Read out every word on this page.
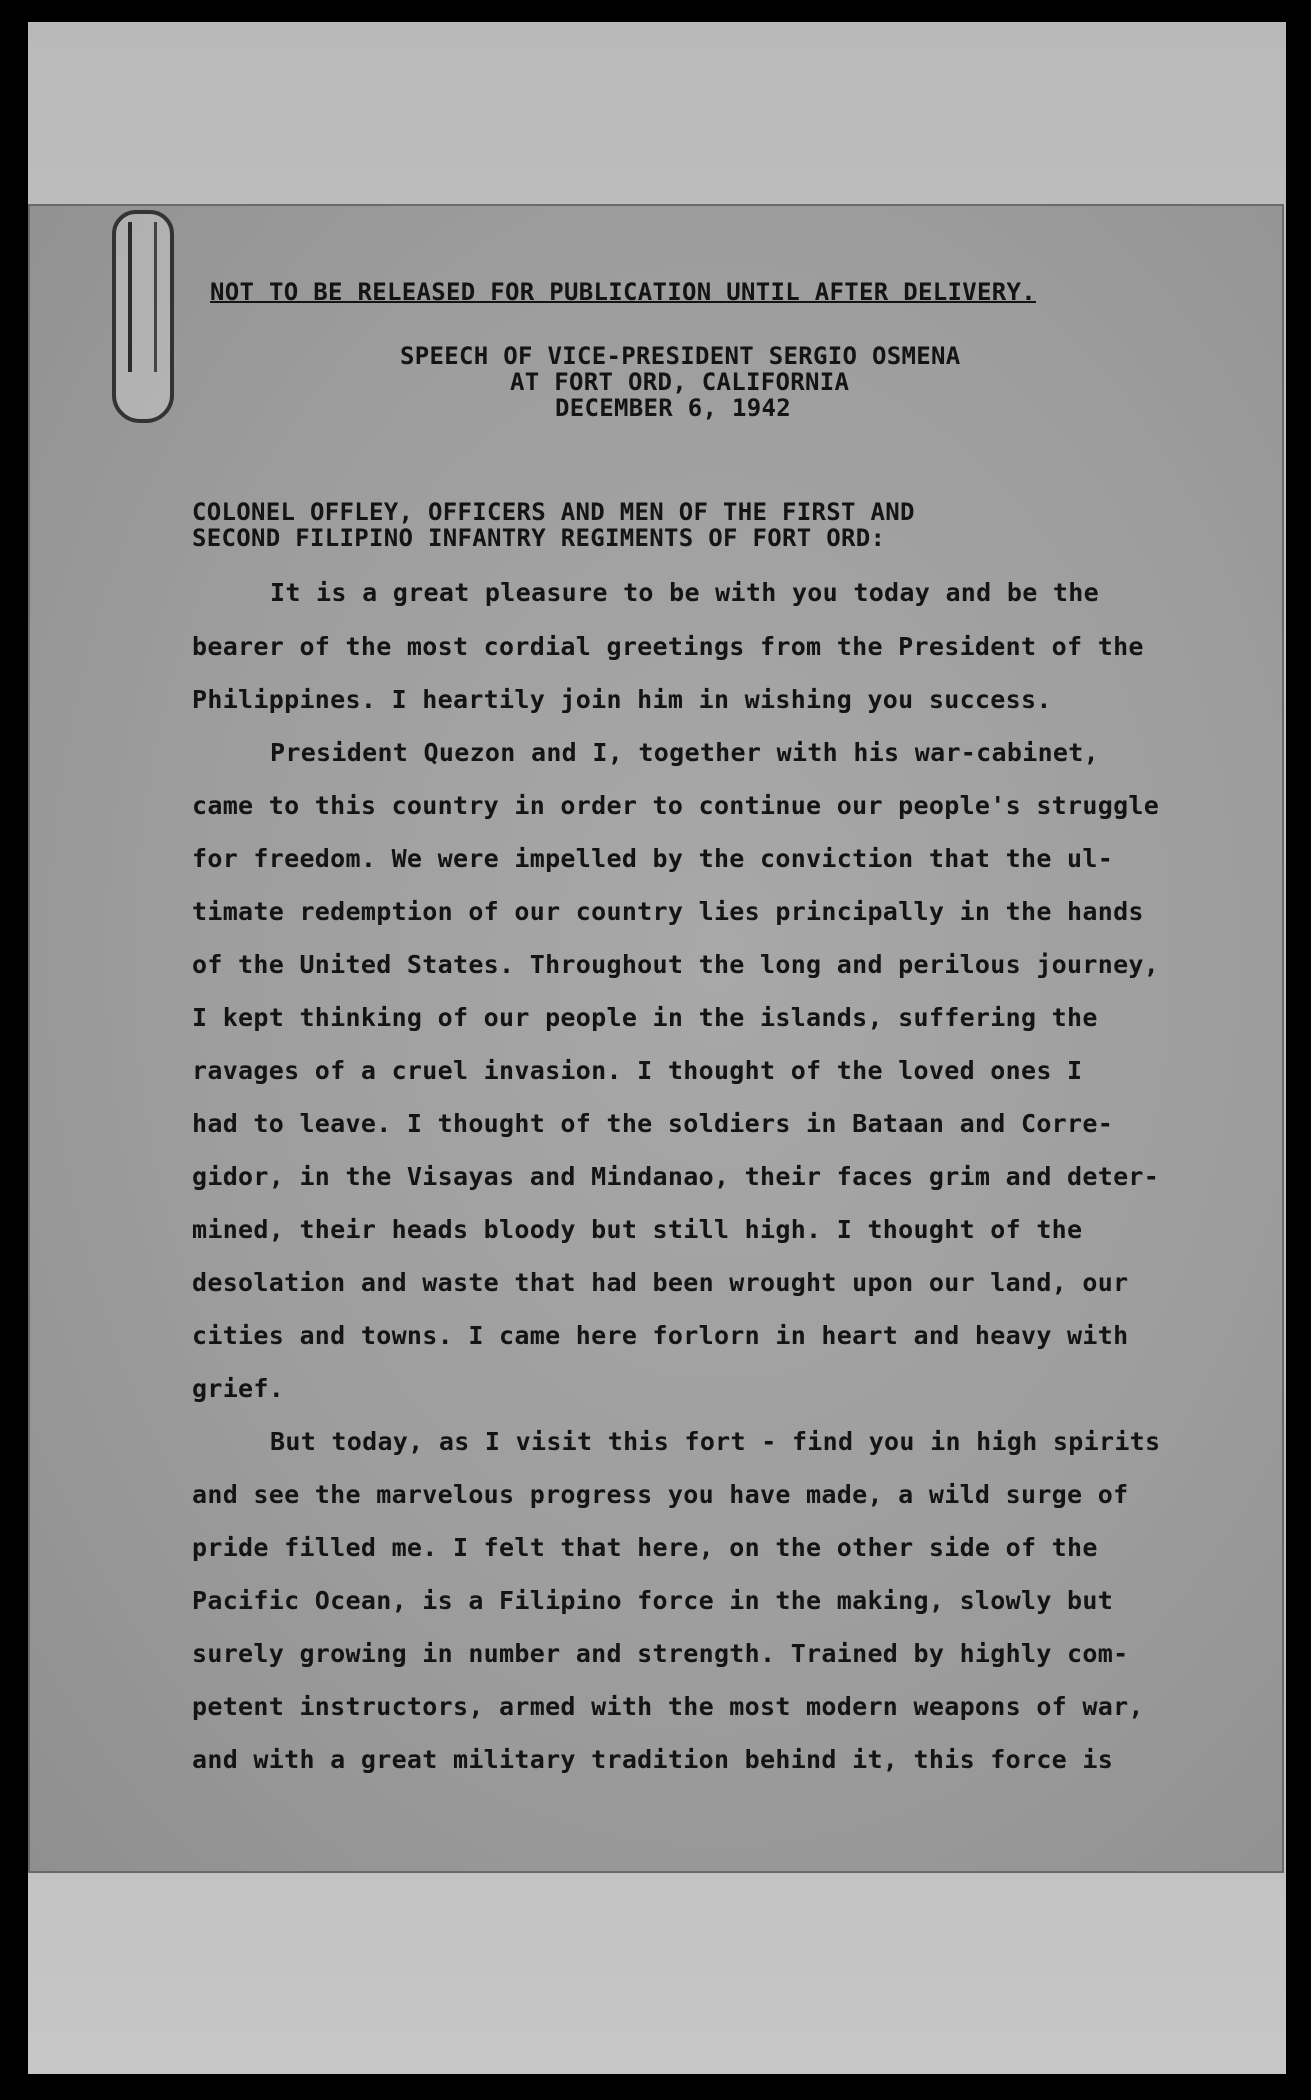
NOT TO BE RELEASED FOR PUBLICATION UNTIL AFTER DELIVERY.

SPEECH OF VICE-PRESIDENT SERGIO OSMENA

AT FORT ORD, CALIFORNIA

DECEMBER 6, 1942

COLONEL OFFLEY, OFFICERS AND MEN OF THE FIRST AND

SECOND FILIPINO INFANTRY REGIMENTS OF FORT ORD:

It is a great pleasure to be with you today and be the

bearer of the most cordial greetings from the President of the

Philippines. I heartily join him in wishing you success.

President Quezon and I, together with his war-cabinet,

came to this country in order to continue our people's struggle

for freedom. We were impelled by the conviction that the ul-

timate redemption of our country lies principally in the hands

of the United States. Throughout the long and perilous journey,

I kept thinking of our people in the islands, suffering the

ravages of a cruel invasion. I thought of the loved ones I

had to leave. I thought of the soldiers in Bataan and Corre-

gidor, in the Visayas and Mindanao, their faces grim and deter-

mined, their heads bloody but still high. I thought of the

desolation and waste that had been wrought upon our land, our

cities and towns. I came here forlorn in heart and heavy with

grief.

But today, as I visit this fort - find you in high spirits

and see the marvelous progress you have made, a wild surge of

pride filled me. I felt that here, on the other side of the

Pacific Ocean, is a Filipino force in the making, slowly but

surely growing in number and strength. Trained by highly com-

petent instructors, armed with the most modern weapons of war,

and with a great military tradition behind it, this force is
